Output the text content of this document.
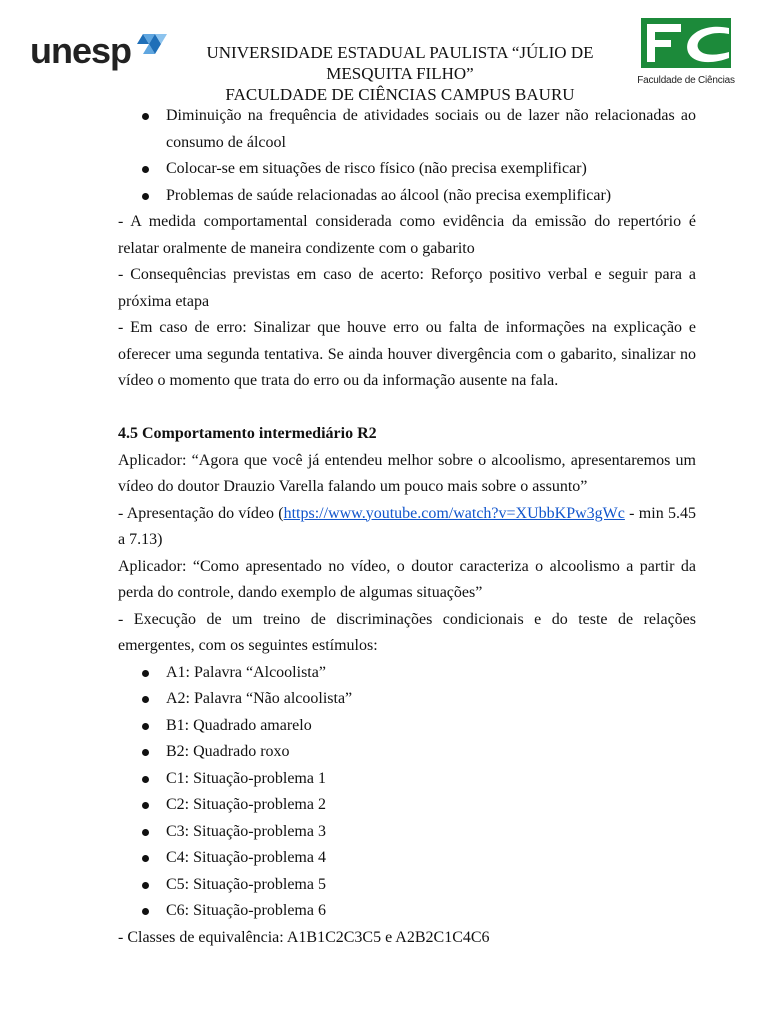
unesp	UNIVERSIDADE ESTADUAL PAULISTA “JÚLIO DE MESQUITA FILHO”
FACULDADE DE CIÊNCIAS CAMPUS BAURU
Faculdade de Ciências
Diminuição na frequência de atividades sociais ou de lazer não relacionadas ao consumo de álcool
Colocar-se em situações de risco físico (não precisa exemplificar)
Problemas de saúde relacionadas ao álcool (não precisa exemplificar)

- A medida comportamental considerada como evidência da emissão do repertório é relatar oralmente de maneira condizente com o gabarito

- Consequências previstas em caso de acerto: Reforço positivo verbal e seguir para a próxima etapa

- Em caso de erro: Sinalizar que houve erro ou falta de informações na explicação e oferecer uma segunda tentativa. Se ainda houver divergência com o gabarito, sinalizar no vídeo o momento que trata do erro ou da informação ausente na fala.

4.5 Comportamento intermediário R2

Aplicador: “Agora que você já entendeu melhor sobre o alcoolismo, apresentaremos um vídeo do doutor Drauzio Varella falando um pouco mais sobre o assunto”

- Apresentação do vídeo (https://www.youtube.com/watch?v=XUbbKPw3gWc - min 5.45 a 7.13)

Aplicador: “Como apresentado no vídeo, o doutor caracteriza o alcoolismo a partir da perda do controle, dando exemplo de algumas situações”

- Execução de um treino de discriminações condicionais e do teste de relações emergentes, com os seguintes estímulos:

A1: Palavra “Alcoolista”
A2: Palavra “Não alcoolista”
B1: Quadrado amarelo
B2: Quadrado roxo
C1: Situação-problema 1
C2: Situação-problema 2
C3: Situação-problema 3
C4: Situação-problema 4
C5: Situação-problema 5
C6: Situação-problema 6

- Classes de equivalência: A1B1C2C3C5 e A2B2C1C4C6
